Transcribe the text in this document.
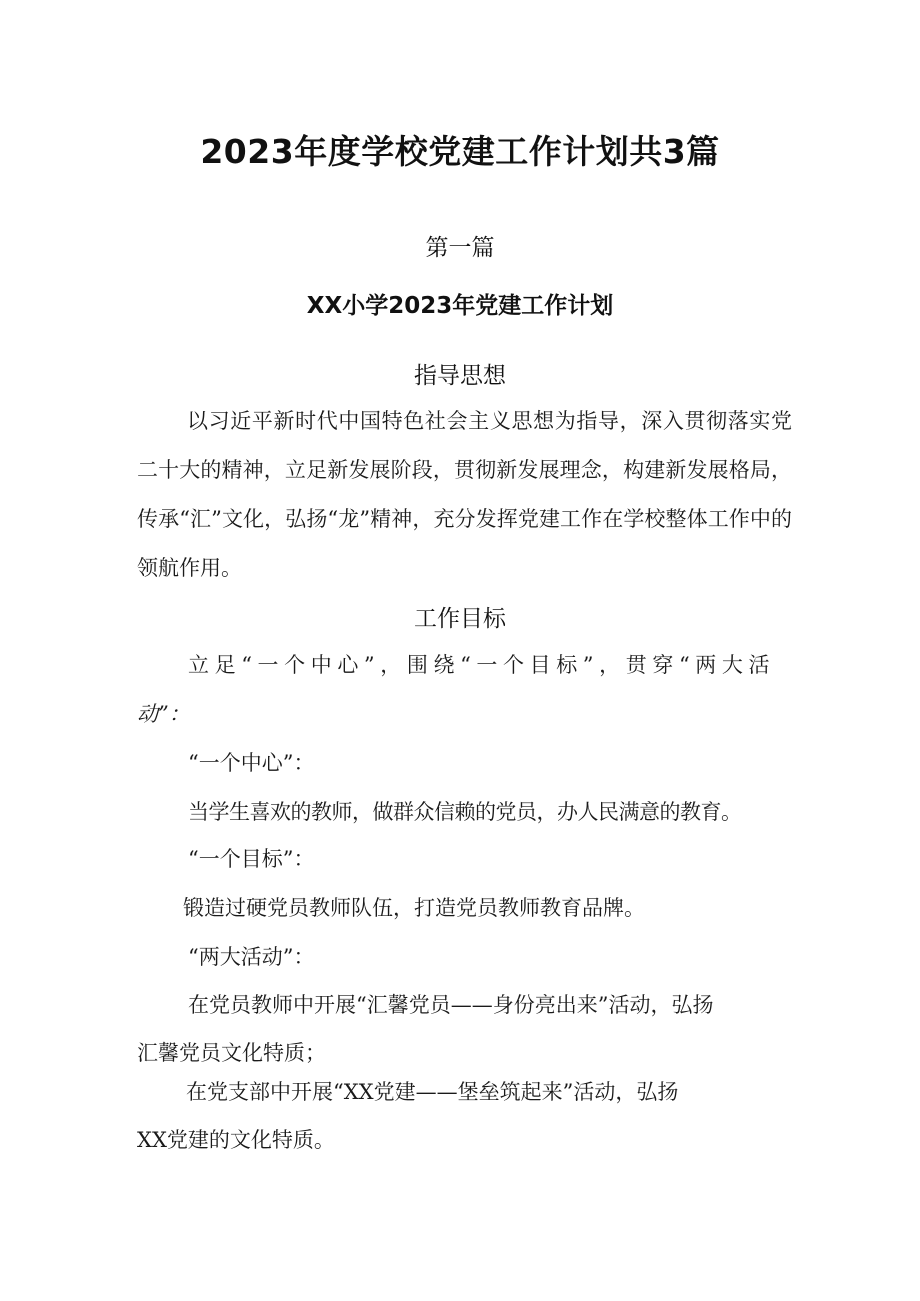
2023年度学校党建工作计划共3篇
第一篇
XX小学2023年党建工作计划
指导思想

以习近平新时代中国特色社会主义思想为指导，深入贯彻落实党二十大的精神，立足新发展阶段，贯彻新发展理念，构建新发展格局，传承“汇”文化，弘扬“龙”精神，充分发挥党建工作在学校整体工作中的领航作用。

工作目标
立足“一个中心”，围绕“一个目标”，贯穿“两大活
动”：
“一个中心”：
当学生喜欢的教师，做群众信赖的党员，办人民满意的教育。
“一个目标”：
锻造过硬党员教师队伍，打造党员教师教育品牌。
“两大活动”：
在党员教师中开展“汇馨党员——身份亮出来”活动，弘扬
汇馨党员文化特质；
在党支部中开展“XX党建——堡垒筑起来”活动，弘扬
XX党建的文化特质。
